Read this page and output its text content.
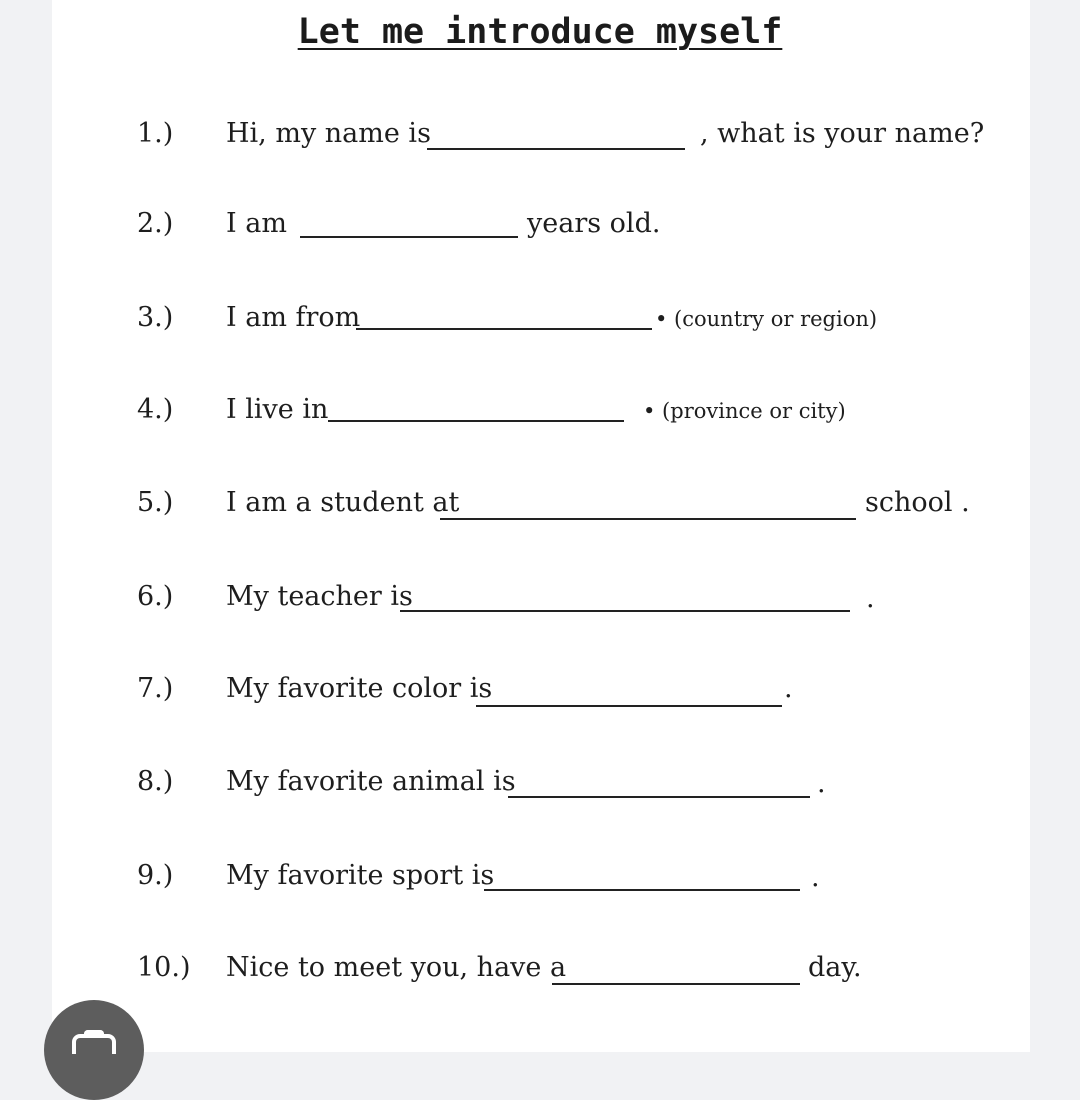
Let me introduce myself
1.) Hi, my name is	, what is your name?
2.) I am	years old.
3.) I am from	• (country or region)
4.) I live in	• (province or city)
5.) I am a student at	school .
6.) My teacher is	.
7.) My favorite color is	.
8.) My favorite animal is	.
9.) My favorite sport is	.
10.) Nice to meet you, have a	day.
